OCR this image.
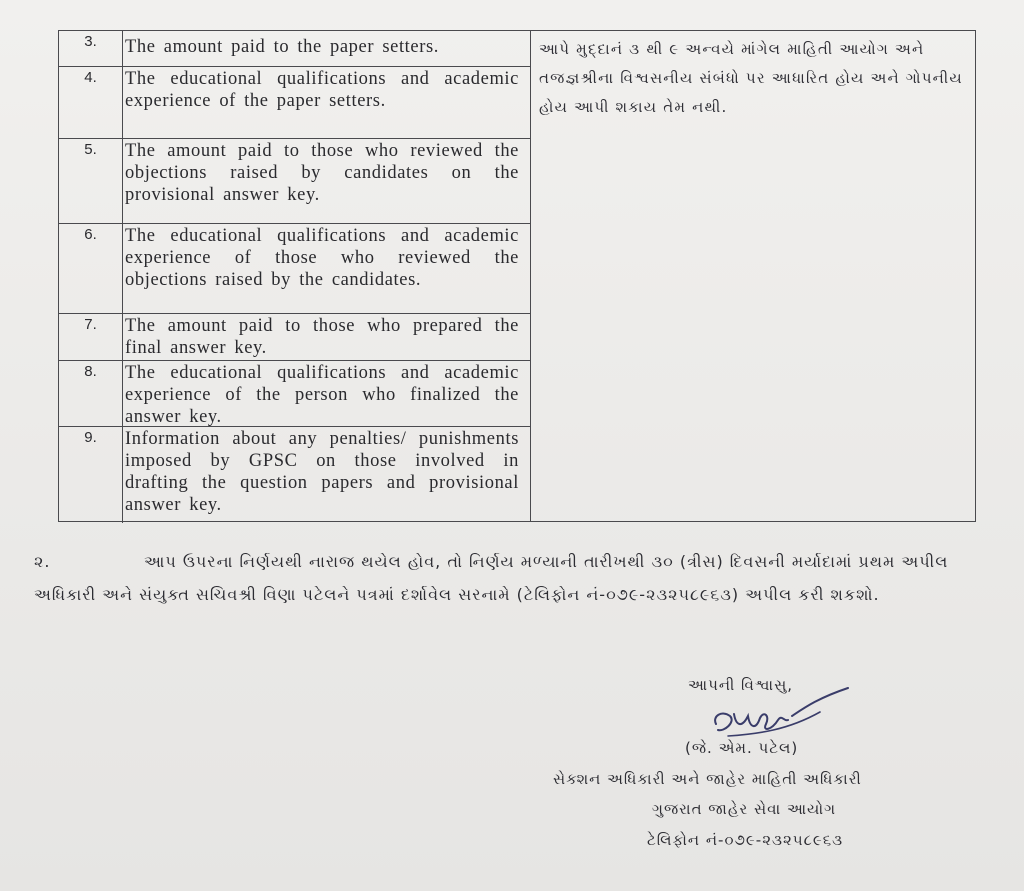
3.	The amount paid to the paper setters.
4.	The educational qualifications and academic experience of the paper setters.
5.	The amount paid to those who reviewed the objections raised by candidates on the provisional answer key.
6.	The educational qualifications and academic experience of those who reviewed the objections raised by the candidates.
7.	The amount paid to those who prepared the final answer key.
8.	The educational qualifications and academic experience of the person who finalized the answer key.
9.	Information about any penalties/ punishments imposed by GPSC on those involved in drafting the question papers and provisional answer key.
આપે મુદ્દાનં ૩ થી ૯ અન્વયે માંગેલ માહિતી આયોગ અને તજજ્ઞશ્રીના વિશ્વસનીય સંબંધો પર આધારિત હોય અને ગોપનીય હોય આપી શકાય તેમ નથી.
૨.	આપ ઉપરના નિર્ણયથી નારાજ થયેલ હોવ, તો નિર્ણય મળ્યાની તારીખથી ૩૦ (ત્રીસ) દિવસની મર્યાદામાં પ્રથમ અપીલ અધિકારી અને સંયુક્ત સચિવશ્રી વિણા પટેલને પત્રમાં દર્શાવેલ સરનામે (ટેલિફોન નં-૦૭૯-૨૩૨૫૮૯૬૩) અપીલ કરી શકશો.
આપની વિશ્વાસુ,
(જે. એમ. પટેલ)
સેક્શન અધિકારી અને જાહેર માહિતી અધિકારી
ગુજરાત જાહેર સેવા આયોગ
ટેલિફોન નં-૦૭૯-૨૩૨૫૮૯૬૩
